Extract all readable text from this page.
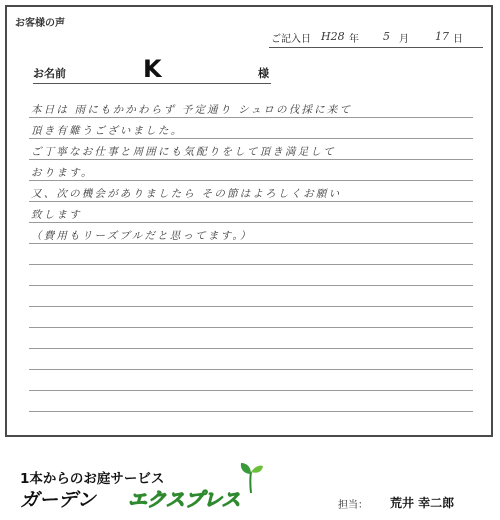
お客様の声
ご記入日 H28 年 5 月 17 日
お名前	K	様
本日は 雨にもかかわらず 予定通り シュロの伐採に来て
頂き有難うございました。
ご丁寧なお仕事と周囲にも気配りをして頂き満足して
おります。
又、次の機会がありましたら その節はよろしくお願い
致します
（費用もリーズブルだと思ってます。）
1本からのお庭サービス
ガーデン エクスプレス	担当： 荒井 幸二郎
